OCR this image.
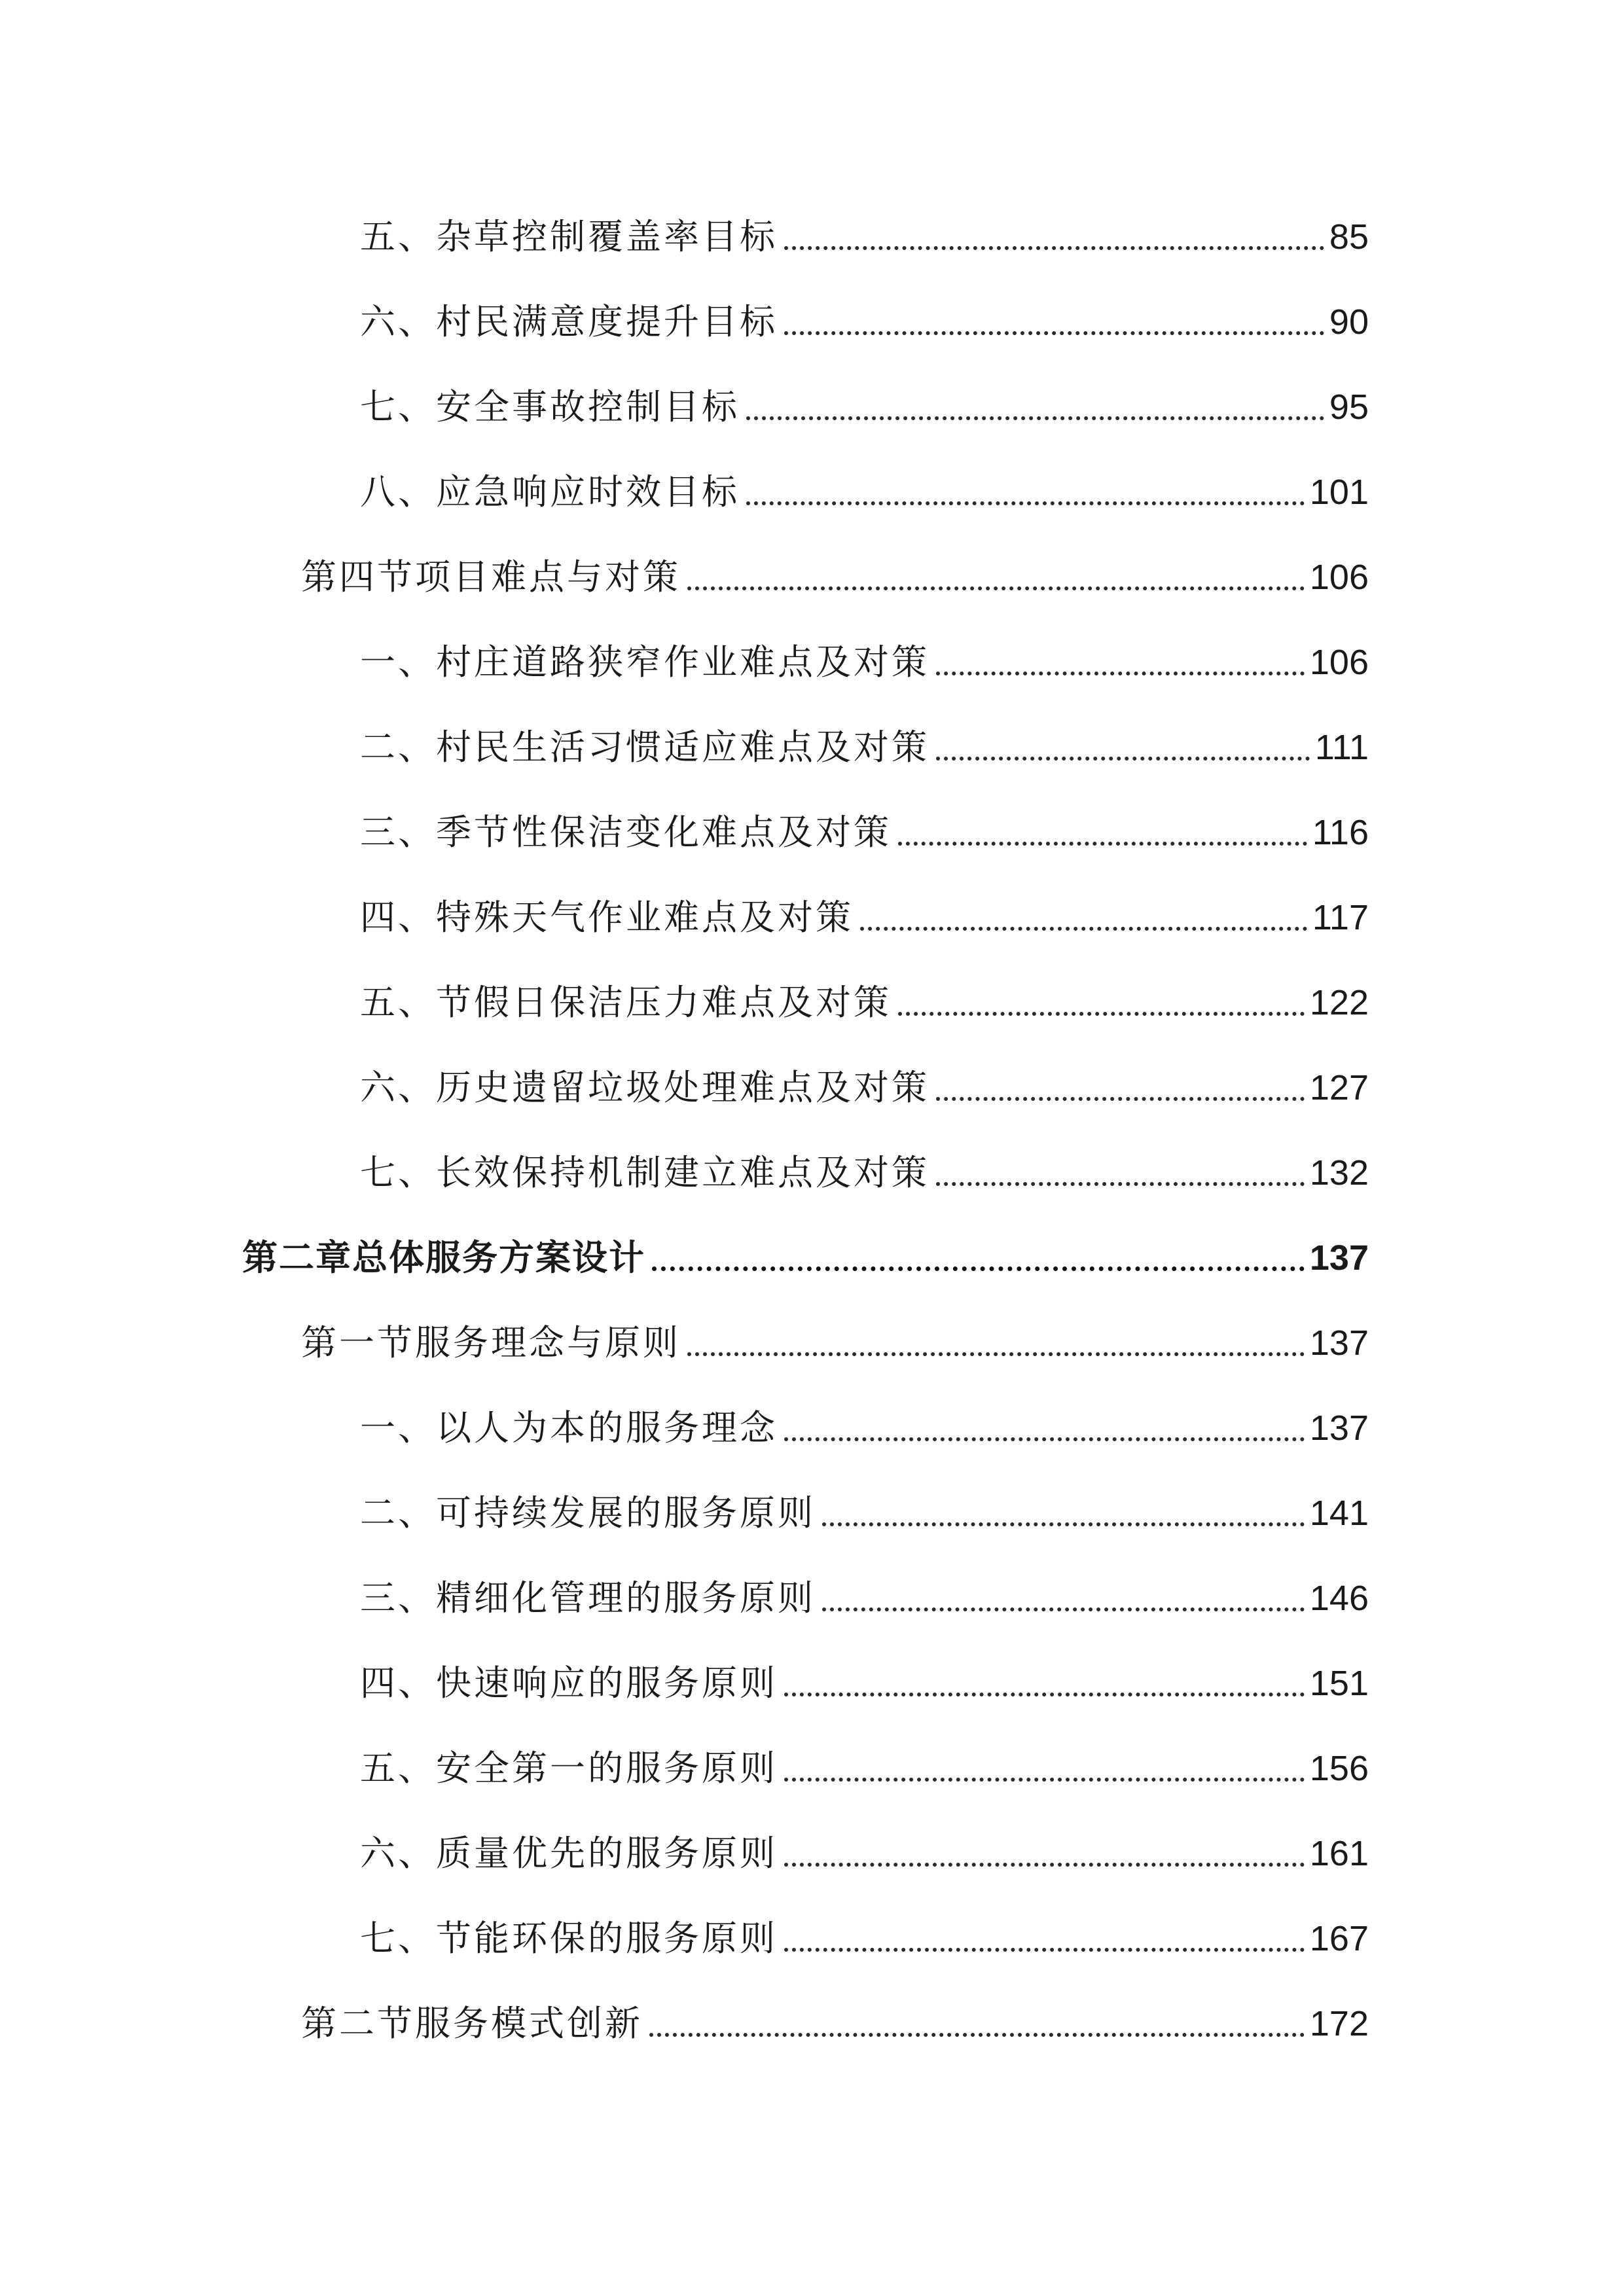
五、杂草控制覆盖率目标	85
六、村民满意度提升目标	90
七、安全事故控制目标	95
八、应急响应时效目标	101
第四节项目难点与对策	106
一、村庄道路狭窄作业难点及对策	106
二、村民生活习惯适应难点及对策	111
三、季节性保洁变化难点及对策	116
四、特殊天气作业难点及对策	117
五、节假日保洁压力难点及对策	122
六、历史遗留垃圾处理难点及对策	127
七、长效保持机制建立难点及对策	132
第二章总体服务方案设计	137
第一节服务理念与原则	137
一、以人为本的服务理念	137
二、可持续发展的服务原则	141
三、精细化管理的服务原则	146
四、快速响应的服务原则	151
五、安全第一的服务原则	156
六、质量优先的服务原则	161
七、节能环保的服务原则	167
第二节服务模式创新	172
